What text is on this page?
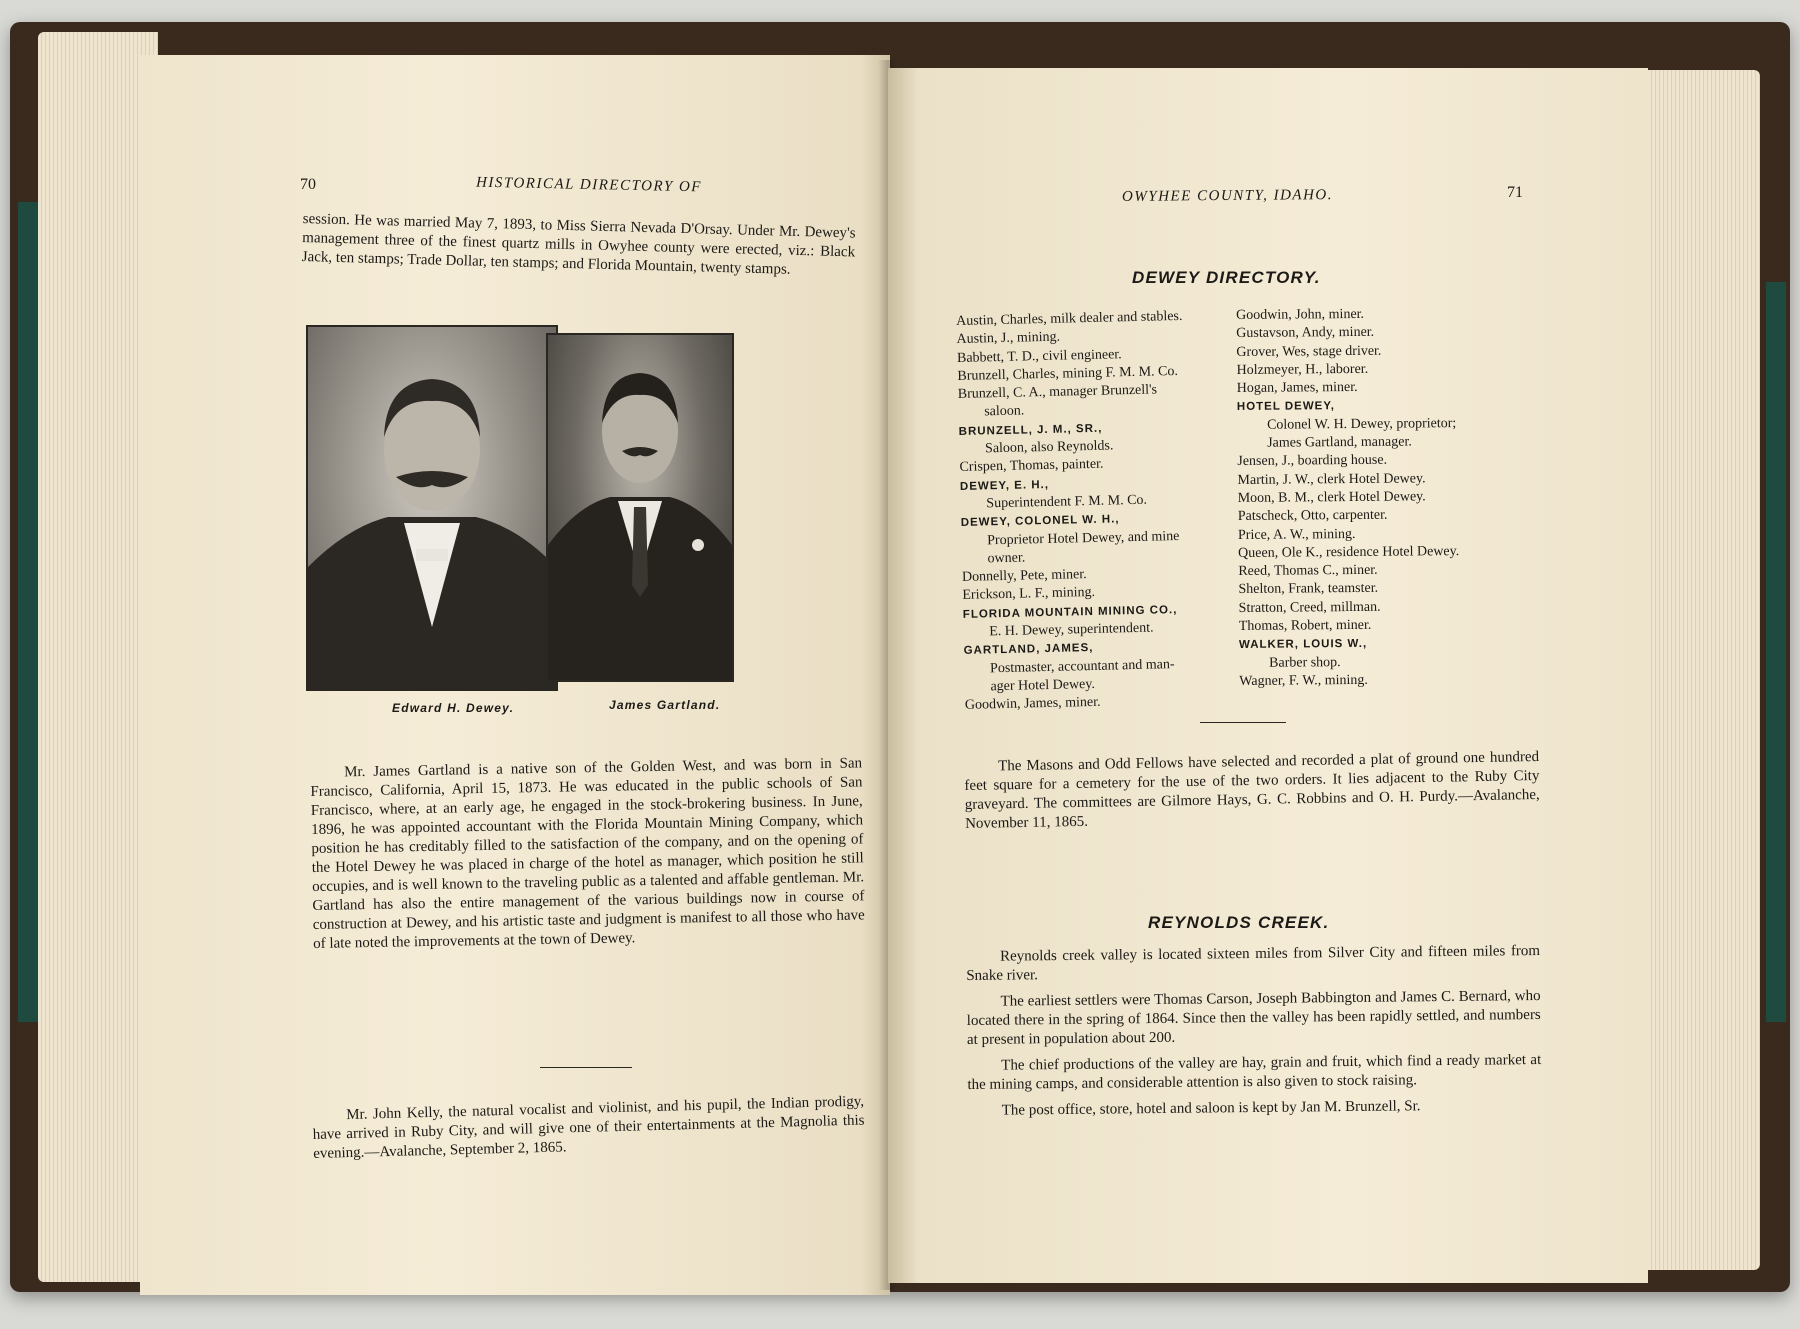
70	HISTORICAL DIRECTORY OF

session. He was married May 7, 1893, to Miss Sierra Nevada D'Orsay. Under Mr. Dewey's management three of the finest quartz mills in Owyhee county were erected, viz.: Black Jack, ten stamps; Trade Dollar, ten stamps; and Florida Mountain, twenty stamps.

Edward H. Dewey.	James Gartland.

Mr. James Gartland is a native son of the Golden West, and was born in San Francisco, California, April 15, 1873. He was educated in the public schools of San Francisco, where, at an early age, he engaged in the stock-brokering business. In June, 1896, he was appointed accountant with the Florida Mountain Mining Company, which position he has creditably filled to the satisfaction of the company, and on the opening of the Hotel Dewey he was placed in charge of the hotel as manager, which position he still occupies, and is well known to the traveling public as a talented and affable gentleman. Mr. Gartland has also the entire management of the various buildings now in course of construction at Dewey, and his artistic taste and judgment is manifest to all those who have of late noted the improvements at the town of Dewey.

Mr. John Kelly, the natural vocalist and violinist, and his pupil, the Indian prodigy, have arrived in Ruby City, and will give one of their entertainments at the Magnolia this evening.—Avalanche, September 2, 1865.

OWYHEE COUNTY, IDAHO.	71
DEWEY DIRECTORY.
Austin, Charles, milk dealer and stables.
Austin, J., mining.
Babbett, T. D., civil engineer.
Brunzell, Charles, mining F. M. M. Co.
Brunzell, C. A., manager Brunzell's
saloon.
BRUNZELL, J. M., SR.,
Saloon, also Reynolds.
Crispen, Thomas, painter.
DEWEY, E. H.,
Superintendent F. M. M. Co.
DEWEY, COLONEL W. H.,
Proprietor Hotel Dewey, and mine
owner.
Donnelly, Pete, miner.
Erickson, L. F., mining.
FLORIDA MOUNTAIN MINING CO.,
E. H. Dewey, superintendent.
GARTLAND, JAMES,
Postmaster, accountant and man-
ager Hotel Dewey.
Goodwin, James, miner.
Goodwin, John, miner.
Gustavson, Andy, miner.
Grover, Wes, stage driver.
Holzmeyer, H., laborer.
Hogan, James, miner.
HOTEL DEWEY,
Colonel W. H. Dewey, proprietor;
James Gartland, manager.
Jensen, J., boarding house.
Martin, J. W., clerk Hotel Dewey.
Moon, B. M., clerk Hotel Dewey.
Patscheck, Otto, carpenter.
Price, A. W., mining.
Queen, Ole K., residence Hotel Dewey.
Reed, Thomas C., miner.
Shelton, Frank, teamster.
Stratton, Creed, millman.
Thomas, Robert, miner.
WALKER, LOUIS W.,
Barber shop.
Wagner, F. W., mining.

The Masons and Odd Fellows have selected and recorded a plat of ground one hundred feet square for a cemetery for the use of the two orders. It lies adjacent to the Ruby City graveyard. The committees are Gilmore Hays, G. C. Robbins and O. H. Purdy.—Avalanche, November 11, 1865.

REYNOLDS CREEK.

Reynolds creek valley is located sixteen miles from Silver City and fifteen miles from Snake river.

The earliest settlers were Thomas Carson, Joseph Babbington and James C. Bernard, who located there in the spring of 1864. Since then the valley has been rapidly settled, and numbers at present in population about 200.

The chief productions of the valley are hay, grain and fruit, which find a ready market at the mining camps, and considerable attention is also given to stock raising.

The post office, store, hotel and saloon is kept by Jan M. Brunzell, Sr.
